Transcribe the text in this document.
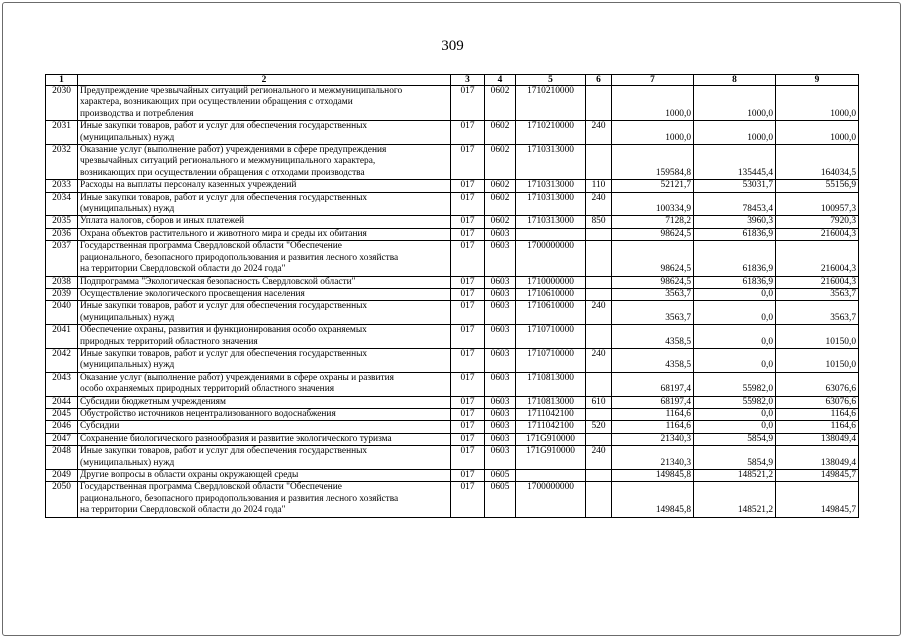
309
1	2	3	4	5	6	7	8	9
2030	Предупреждение чрезвычайных ситуаций регионального и межмуниципального
характера, возникающих при осуществлении обращения с отходами
производства и потребления	017	0602	1710210000		1000,0	1000,0	1000,0
2031	Иные закупки товаров, работ и услуг для обеспечения государственных
(муниципальных) нужд	017	0602	1710210000	240	1000,0	1000,0	1000,0
2032	Оказание услуг (выполнение работ) учреждениями в сфере предупреждения
чрезвычайных ситуаций регионального и межмуниципального характера,
возникающих при осуществлении обращения с отходами производства	017	0602	1710313000		159584,8	135445,4	164034,5
2033	Расходы на выплаты персоналу казенных учреждений	017	0602	1710313000	110	52121,7	53031,7	55156,9
2034	Иные закупки товаров, работ и услуг для обеспечения государственных
(муниципальных) нужд	017	0602	1710313000	240	100334,9	78453,4	100957,3
2035	Уплата налогов, сборов и иных платежей	017	0602	1710313000	850	7128,2	3960,3	7920,3
2036	Охрана объектов растительного и животного мира и среды их обитания	017	0603			98624,5	61836,9	216004,3
2037	Государственная программа Свердловской области "Обеспечение
рационального, безопасного природопользования и развития лесного хозяйства
на территории Свердловской области до 2024 года"	017	0603	1700000000		98624,5	61836,9	216004,3
2038	Подпрограмма "Экологическая безопасность Свердловской области"	017	0603	1710000000		98624,5	61836,9	216004,3
2039	Осуществление экологического просвещения населения	017	0603	1710610000		3563,7	0,0	3563,7
2040	Иные закупки товаров, работ и услуг для обеспечения государственных
(муниципальных) нужд	017	0603	1710610000	240	3563,7	0,0	3563,7
2041	Обеспечение охраны, развития и функционирования особо охраняемых
природных территорий областного значения	017	0603	1710710000		4358,5	0,0	10150,0
2042	Иные закупки товаров, работ и услуг для обеспечения государственных
(муниципальных) нужд	017	0603	1710710000	240	4358,5	0,0	10150,0
2043	Оказание услуг (выполнение работ) учреждениями в сфере охраны и развития
особо охраняемых природных территорий областного значения	017	0603	1710813000		68197,4	55982,0	63076,6
2044	Субсидии бюджетным учреждениям	017	0603	1710813000	610	68197,4	55982,0	63076,6
2045	Обустройство источников нецентрализованного водоснабжения	017	0603	1711042100		1164,6	0,0	1164,6
2046	Субсидии	017	0603	1711042100	520	1164,6	0,0	1164,6
2047	Сохранение биологического разнообразия и развитие экологического туризма	017	0603	171G910000		21340,3	5854,9	138049,4
2048	Иные закупки товаров, работ и услуг для обеспечения государственных
(муниципальных) нужд	017	0603	171G910000	240	21340,3	5854,9	138049,4
2049	Другие вопросы в области охраны окружающей среды	017	0605			149845,8	148521,2	149845,7
2050	Государственная программа Свердловской области "Обеспечение
рационального, безопасного природопользования и развития лесного хозяйства
на территории Свердловской области до 2024 года"	017	0605	1700000000		149845,8	148521,2	149845,7
